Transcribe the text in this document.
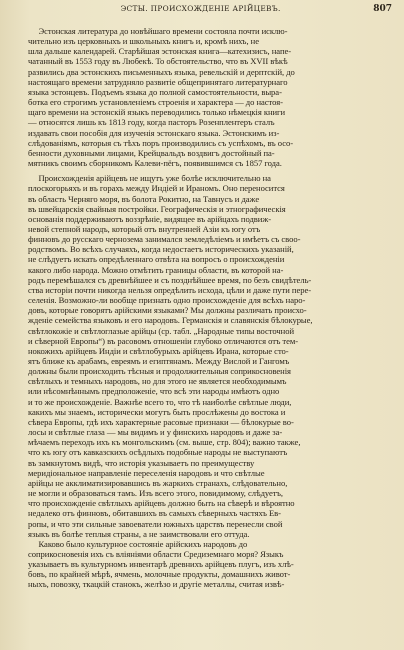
ЭСТЫ. ПРОИСХОЖДЕНІЕ АРІЙЦЕВЪ.	807

Эстонская литература до новѣйшаго времени состояла почти исклю-
чительно изъ церковныхъ и школьныхъ книгъ и, кромѣ нихъ, не
шла дальше календарей. Старѣйшая эстонская книга—катехизисъ, напе-
чатанный въ 1553 году въ Любекѣ. То обстоятельство, что въ XVII вѣкѣ
развились два эстонскихъ письменныхъ языка, ревельскій и дерптскій, до
настоящаго времени затрудняло развитіе общепринятаго литературнаго
языка эстонцевъ. Подъемъ языка до полной самостоятельности, выра-
ботка его строгимъ установленіемъ строенія и характера — до настоя-
щаго времени на эстонскій языкъ переводились только нѣмецкія книги
— относятся лишь къ 1813 году, когда пасторъ Розенплентеръ сталъ
издавать свои пособія для изученія эстонскаго языка. Эстонскимъ из-
слѣдованіямъ, которыя съ тѣхъ поръ производились съ успѣхомъ, въ осо-
бенности духовными лицами, Крейцвальдъ воздвигъ достойный па-
мятникъ своимъ сборникомъ Калеви-пёгъ, появившимся съ 1857 года.

Происхожденія арійцевъ не ищутъ уже болѣе исключительно на
плоскогорьяхъ и въ горахъ между Индіей и Ираномъ. Оно переносится
въ область Черняго моря, въ болота Рокитно, на Тавнусъ и даже
въ швейцарскія свайныя постройки. Географическія и этнографическія
основанія поддерживаютъ воззрѣніе, видящее въ арійцахъ подвиж-
невой степной народъ, который отъ внутренней Азіи къ югу отъ
финновъ до русскаго чернозема занимался земледѣліемъ и имѣетъ съ своо-
родствомъ. Во всѣхъ случаяхъ, когда недостаетъ историческихъ указаній,
не слѣдуетъ искать опредѣленнаго отвѣта на вопросъ о происхожденіи
какого либо народа. Можно отмѣтить границы области, въ которой на-
родъ перемѣшался съ древнѣйшее и съ позднѣйшее время, по безъ свидѣтель-
ства исторіи почти никогда нельзя опредѣлить исхода, цѣли и даже пути пере-
селенія. Возможно-ли вообще признать одно происхожденіе для всѣхъ наро-
довъ, которые говорятъ арійскими языками? Мы должны различать происхо-
жденіе семейства языковъ и его народовъ. Германскія и славянскія бѣлокурые,
свѣтлокожіе и свѣтлоглазые арійцы (ср. табл. „Народные типы восточной
и сѣверной Европы“) въ расовомъ отношеніи глубоко отличаются отъ тем-
нокожихъ арійцевъ Индіи и свѣтлобурыхъ арійцевъ Ирана, которые сто-
ятъ ближе къ арабамъ, евреямъ и египтянамъ. Между Вислой и Гангомъ
должны были происходить тѣсныя и продолжительныя соприкосновенія
свѣтлыхъ и темныхъ народовъ, но для этого не является необходимымъ
или нѣсомнѣннымъ предположеніе, что всѣ эти народы имѣютъ одно
и то же происхожденіе. Важнѣе всего то, что тѣ наиболѣе свѣтлые люди,
какихъ мы знаемъ, исторически могутъ быть прослѣжены до востока и
сѣвера Европы, гдѣ ихъ характерные расовые признаки — бѣлокурые во-
лосы и свѣтлые глаза — мы видимъ и у финскихъ народовъ и даже за-
мѣчаемъ переходъ ихъ къ монгольскимъ (см. выше, стр. 804); важно также,
что къ югу отъ кавказскихъ осѣдлыхъ подобные народы не выступаютъ
въ замкнутомъ видѣ, что исторія указываетъ по преимуществу
меридіональное направленіе переселенія народовъ и что свѣтлые
арійцы не акклиматизировавшись въ жаркихъ странахъ, слѣдовательно,
не могли и образоваться тамъ. Изъ всего этого, повидимому, слѣдуетъ,
что происхожденіе свѣтлыхъ арійцевъ должно быть на сѣверѣ и вѣроятно
недалеко отъ финновъ, обитавшихъ въ самыхъ сѣверныхъ частяхъ Ев-
ропы, и что эти сильные завоеватели южныхъ царствъ перенесли свой
языкъ въ болѣе теплыя страны, а не заимствовали его оттуда.
Каково было культурное состояніе арійскихъ народовъ до
соприкосновенія ихъ съ вліяніями области Средиземнаго моря? Языкъ
указываетъ въ культурномъ инвентарѣ древнихъ арійцевъ плугъ, изъ хлѣ-
бовъ, по крайней мѣрѣ, ячмень, молочные продукты, домашнихъ живот-
ныхъ, повозку, ткацкій станокъ, желѣзо и другіе металлы, считая извѣ-
